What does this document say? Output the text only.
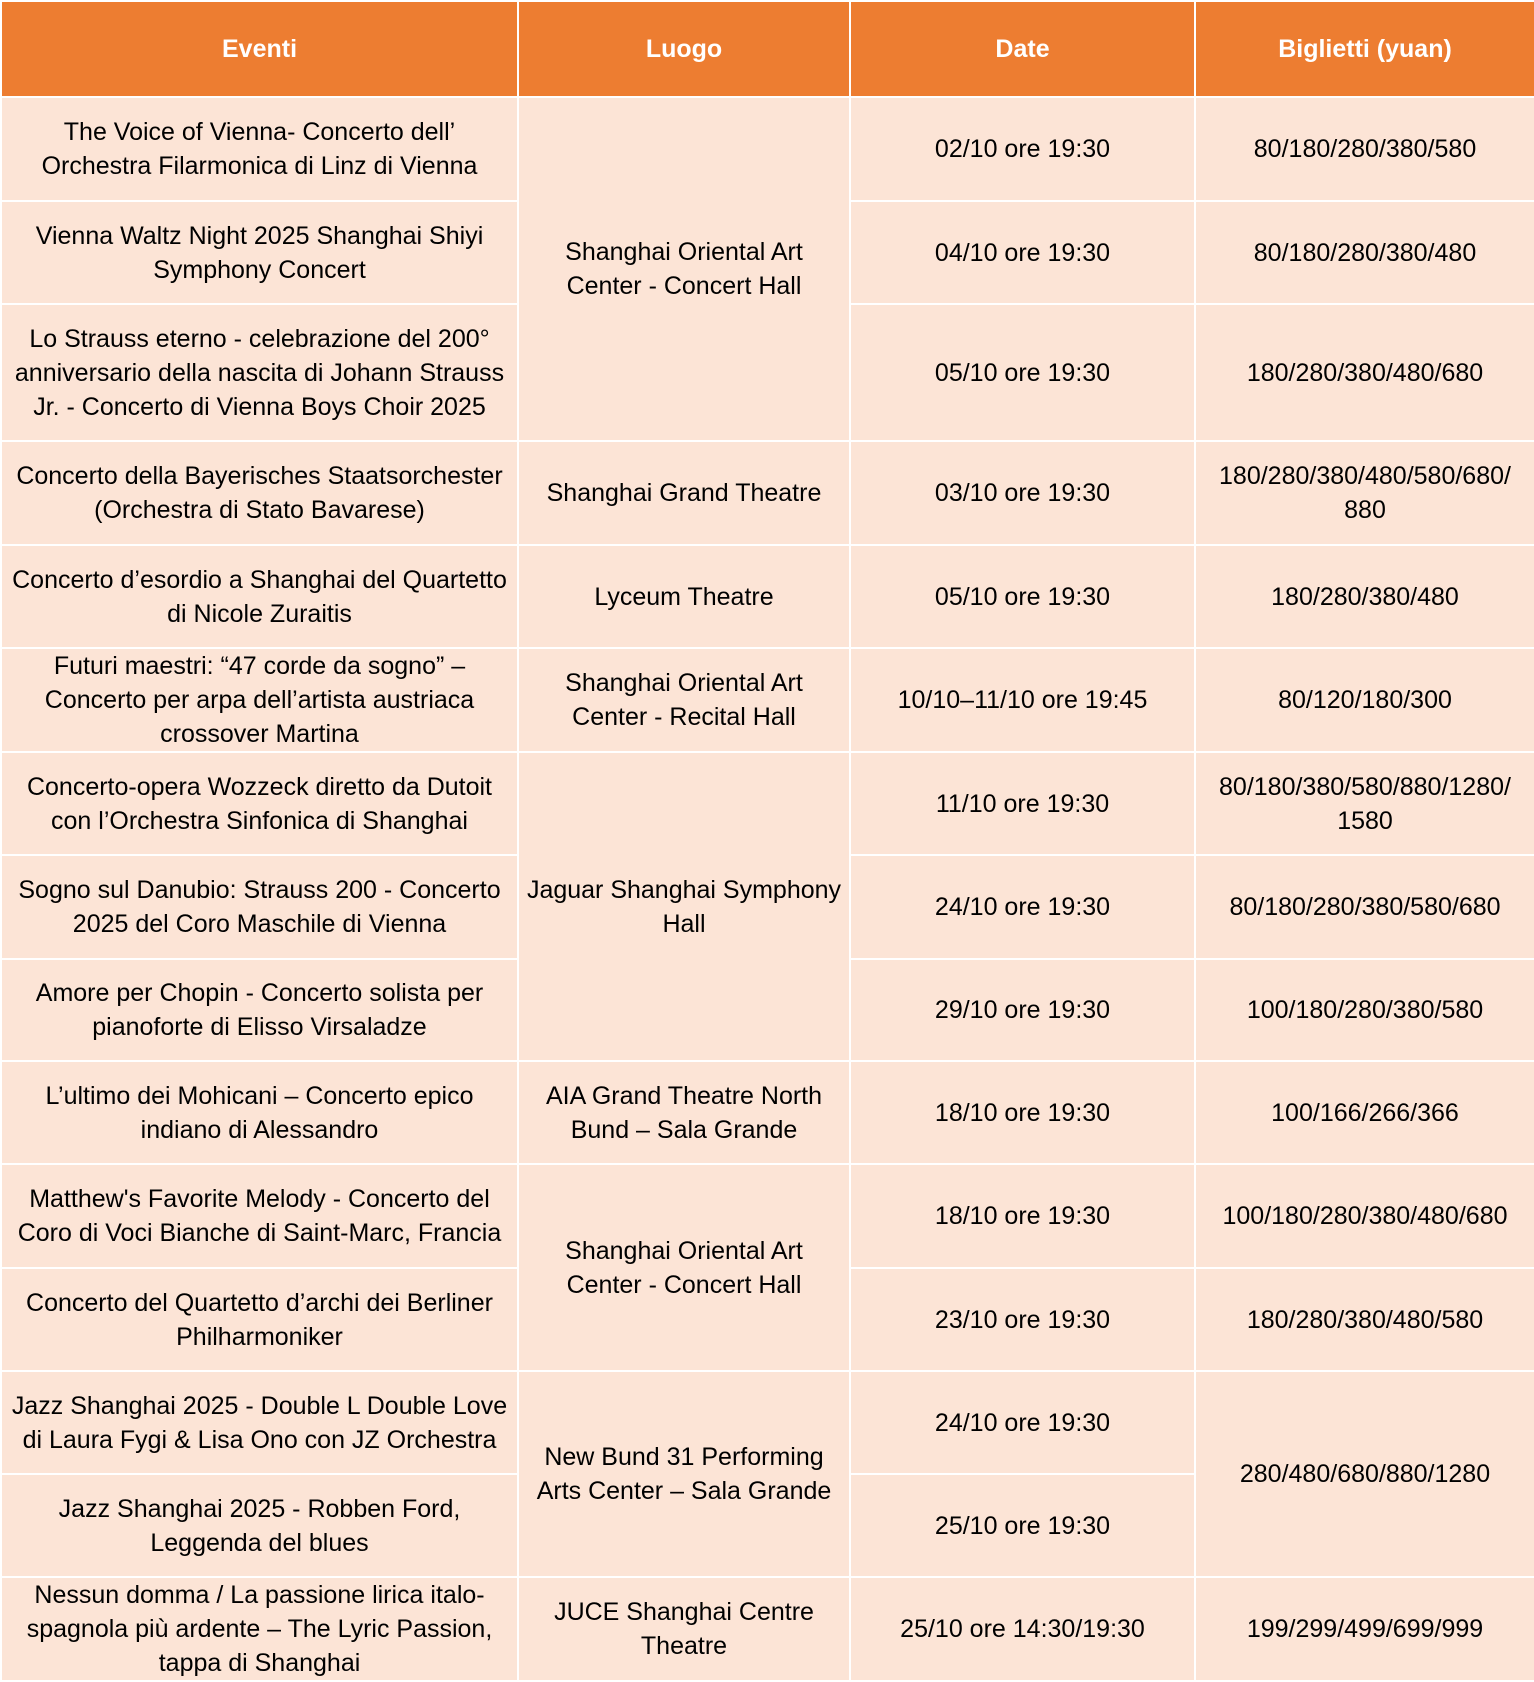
Eventi	Luogo	Date	Biglietti (yuan)
The Voice of Vienna- Concerto dell’ Orchestra Filarmonica di Linz di Vienna	Shanghai Oriental Art Center - Concert Hall	02/10 ore 19:30	80/180/280/380/580
Vienna Waltz Night 2025 Shanghai Shiyi Symphony Concert		04/10 ore 19:30	80/180/280/380/480
Lo Strauss eterno - celebrazione del 200° anniversario della nascita di Johann Strauss Jr. - Concerto di Vienna Boys Choir 2025		05/10 ore 19:30	180/280/380/480/680
Concerto della Bayerisches Staatsorchester (Orchestra di Stato Bavarese)	Shanghai Grand Theatre	03/10 ore 19:30	180/280/380/480/580/680/ 880
Concerto d’esordio a Shanghai del Quartetto di Nicole Zuraitis	Lyceum Theatre	05/10 ore 19:30	180/280/380/480
Futuri maestri: “47 corde da sogno” – Concerto per arpa dell’artista austriaca crossover Martina	Shanghai Oriental Art Center - Recital Hall	10/10–11/10 ore 19:45	80/120/180/300
Concerto-opera Wozzeck diretto da Dutoit con l’Orchestra Sinfonica di Shanghai	Jaguar Shanghai Symphony Hall	11/10 ore 19:30	80/180/380/580/880/1280/ 1580
Sogno sul Danubio: Strauss 200 - Concerto 2025 del Coro Maschile di Vienna		24/10 ore 19:30	80/180/280/380/580/680
Amore per Chopin - Concerto solista per pianoforte di Elisso Virsaladze		29/10 ore 19:30	100/180/280/380/580
L’ultimo dei Mohicani – Concerto epico indiano di Alessandro	AIA Grand Theatre North Bund – Sala Grande	18/10 ore 19:30	100/166/266/366
Matthew's Favorite Melody - Concerto del Coro di Voci Bianche di Saint-Marc, Francia	Shanghai Oriental Art Center - Concert Hall	18/10 ore 19:30	100/180/280/380/480/680
Concerto del Quartetto d’archi dei Berliner Philharmoniker		23/10 ore 19:30	180/280/380/480/580
Jazz Shanghai 2025 - Double L Double Love di Laura Fygi & Lisa Ono con JZ Orchestra	New Bund 31 Performing Arts Center – Sala Grande	24/10 ore 19:30	280/480/680/880/1280
Jazz Shanghai 2025 - Robben Ford, Leggenda del blues		25/10 ore 19:30	
Nessun domma / La passione lirica italo-spagnola più ardente – The Lyric Passion, tappa di Shanghai	JUCE Shanghai Centre Theatre	25/10 ore 14:30/19:30	199/299/499/699/999
